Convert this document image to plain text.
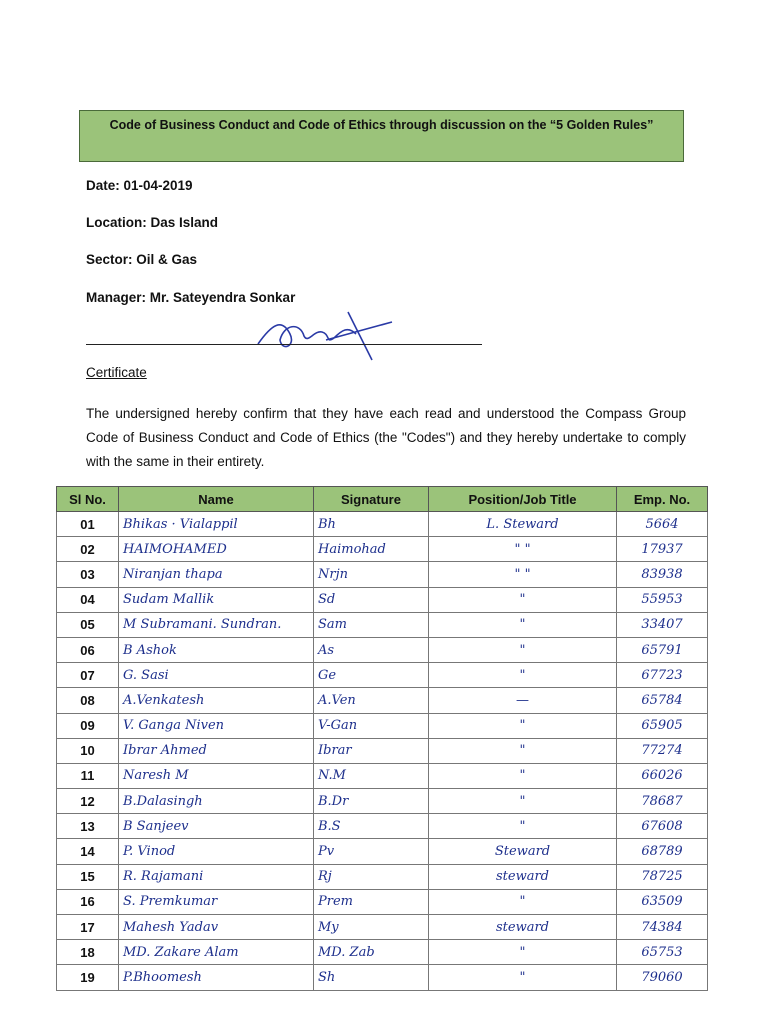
Code of Business Conduct and Code of Ethics through discussion on the “5 Golden Rules”
Date: 01-04-2019
Location: Das Island
Sector: Oil & Gas
Manager: Mr. Sateyendra Sonkar
Certificate
The undersigned hereby confirm that they have each read and understood the Compass Group Code of Business Conduct and Code of Ethics (the "Codes") and they hereby undertake to comply with the same in their entirety.
Sl No.	Name	Signature	Position/Job Title	Emp. No.
01	Bhikas · Vialappil	Bh	L. Steward	5664
02	HAIMOHAMED	Haimohad	" "	17937
03	Niranjan thapa	Nrjn	" "	83938
04	Sudam Mallik	Sd	"	55953
05	M Subramani. Sundran.	Sam	"	33407
06	B Ashok	As	"	65791
07	G. Sasi	Ge	"	67723
08	A.Venkatesh	A.Ven	—	65784
09	V. Ganga Niven	V-Gan	"	65905
10	Ibrar Ahmed	Ibrar	"	77274
11	Naresh M	N.M	"	66026
12	B.Dalasingh	B.Dr	"	78687
13	B Sanjeev	B.S	"	67608
14	P. Vinod	Pv	Steward	68789
15	R. Rajamani	Rj	steward	78725
16	S. Premkumar	Prem	"	63509
17	Mahesh Yadav	My	steward	74384
18	MD. Zakare Alam	MD. Zab	"	65753
19	P.Bhoomesh	Sh	"	79060
